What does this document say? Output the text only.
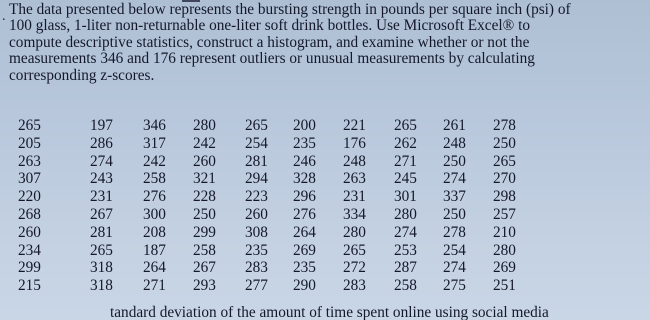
. The data presented below represents the bursting strength in pounds per square inch (psi) of
100 glass, 1-liter non-returnable one-liter soft drink bottles. Use Microsoft Excel® to
compute descriptive statistics, construct a histogram, and examine whether or not the
measurements 346 and 176 represent outliers or unusual measurements by calculating
corresponding z-scores.
265	197 346 280 265 200 221 265 261 278
205	286 317 242 254 235 176 262 248 250
263	274 242 260 281 246 248 271 250 265
307	243 258 321 294 328 263 245 274 270
220	231 276 228 223 296 231 301 337 298
268	267 300 250 260 276 334 280 250 257
260	281 208 299 308 264 280 274 278 210
234	265 187 258 235 269 265 253 254 280
299	318 264 267 283 235 272 287 274 269
215	318 271 293 277 290 283 258 275 251
tandard deviation of the amount of time spent online using social media
